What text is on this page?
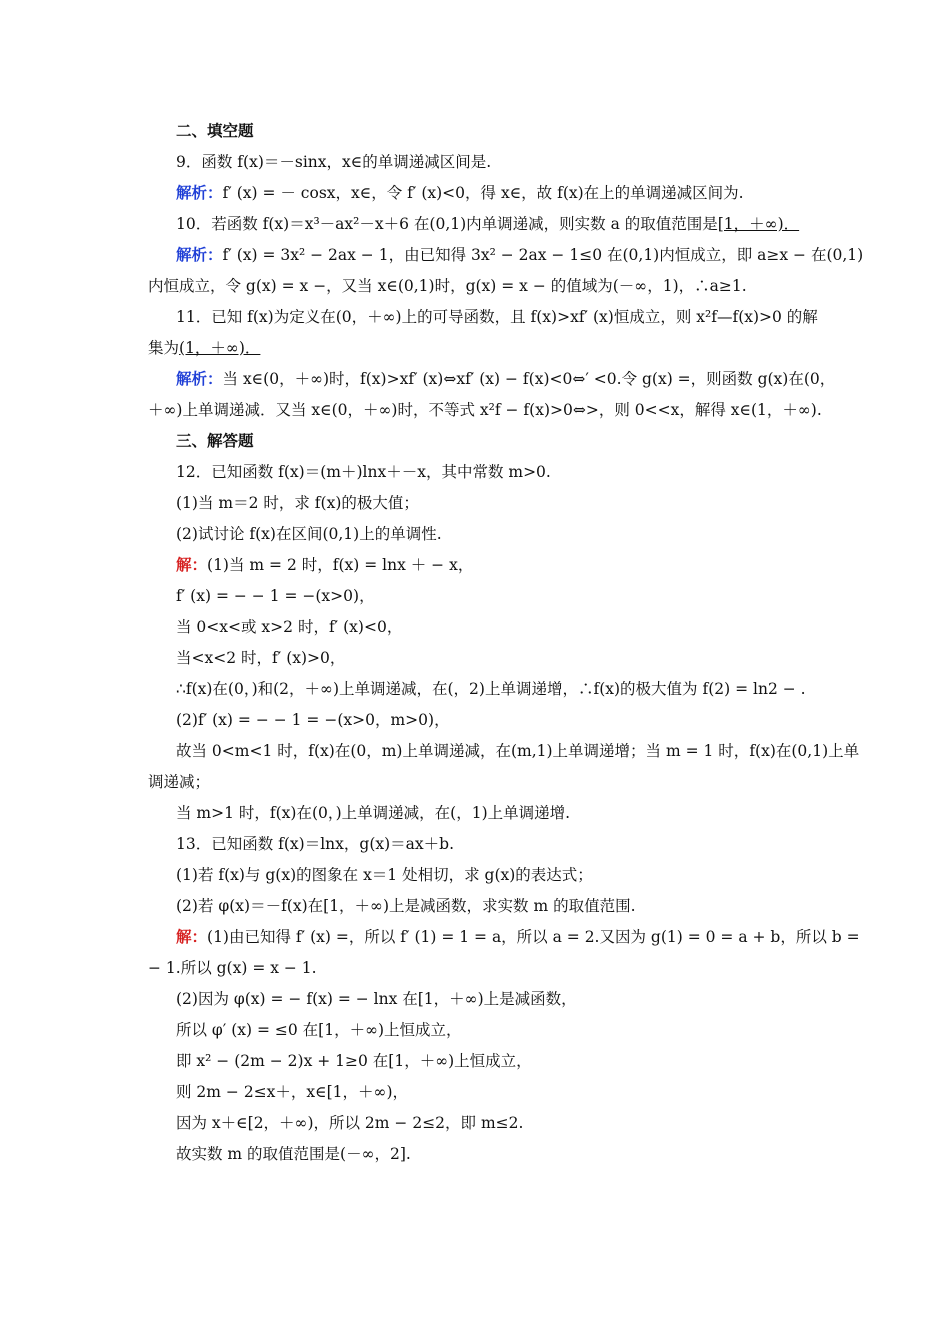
二、填空题
9．函数 f(x)＝－sinx，x∈的单调递减区间是.
解析：f′ (x) = － cosx，x∈，令 f′ (x)<0，得 x∈，故 f(x)在上的单调递减区间为.
10．若函数 f(x)＝x³－ax²－x＋6 在(0,1)内单调递减，则实数 a 的取值范围是[1，＋∞)．
解析：f′ (x) = 3x² − 2ax − 1，由已知得 3x² − 2ax − 1≤0 在(0,1)内恒成立，即 a≥x − 在(0,1)
内恒成立，令 g(x) = x −，又当 x∈(0,1)时，g(x) = x − 的值域为(－∞，1)，∴a≥1.
11．已知 f(x)为定义在(0，＋∞)上的可导函数，且 f(x)>xf′ (x)恒成立，则 x²f—f(x)>0 的解
集为(1，＋∞)．
解析：当 x∈(0，＋∞)时，f(x)>xf′ (x)⇔xf′ (x) − f(x)<0⇔′ <0.令 g(x) =，则函数 g(x)在(0，
＋∞)上单调递减．又当 x∈(0，＋∞)时，不等式 x²f − f(x)>0⇔>，则 0<<x，解得 x∈(1，＋∞).
三、解答题
12．已知函数 f(x)＝(m＋)lnx＋－x，其中常数 m>0.
(1)当 m＝2 时，求 f(x)的极大值；
(2)试讨论 f(x)在区间(0,1)上的单调性.
解：(1)当 m = 2 时，f(x) = lnx ＋ − x，
f′ (x) = − − 1 = −(x>0)，
当 0<x<或 x>2 时，f′ (x)<0，
当<x<2 时，f′ (x)>0，
∴f(x)在(0，)和(2，＋∞)上单调递减，在(，2)上单调递增，∴f(x)的极大值为 f(2) = ln2 − .
(2)f′ (x) = − − 1 = −(x>0，m>0)，
故当 0<m<1 时，f(x)在(0，m)上单调递减，在(m,1)上单调递增；当 m = 1 时，f(x)在(0,1)上单
调递减；
当 m>1 时，f(x)在(0，)上单调递减，在(，1)上单调递增.
13．已知函数 f(x)＝lnx，g(x)＝ax＋b.
(1)若 f(x)与 g(x)的图象在 x＝1 处相切，求 g(x)的表达式；
(2)若 φ(x)＝－f(x)在[1，＋∞)上是减函数，求实数 m 的取值范围.
解：(1)由已知得 f′ (x) =，所以 f′ (1) = 1 = a，所以 a = 2.又因为 g(1) = 0 = a + b，所以 b =
− 1.所以 g(x) = x − 1.
(2)因为 φ(x) = − f(x) = − lnx 在[1，＋∞)上是减函数，
所以 φ′ (x) = ≤0 在[1，＋∞)上恒成立，
即 x² − (2m − 2)x + 1≥0 在[1，＋∞)上恒成立，
则 2m − 2≤x＋，x∈[1，＋∞)，
因为 x＋∈[2，＋∞)，所以 2m − 2≤2，即 m≤2.
故实数 m 的取值范围是(－∞，2].
